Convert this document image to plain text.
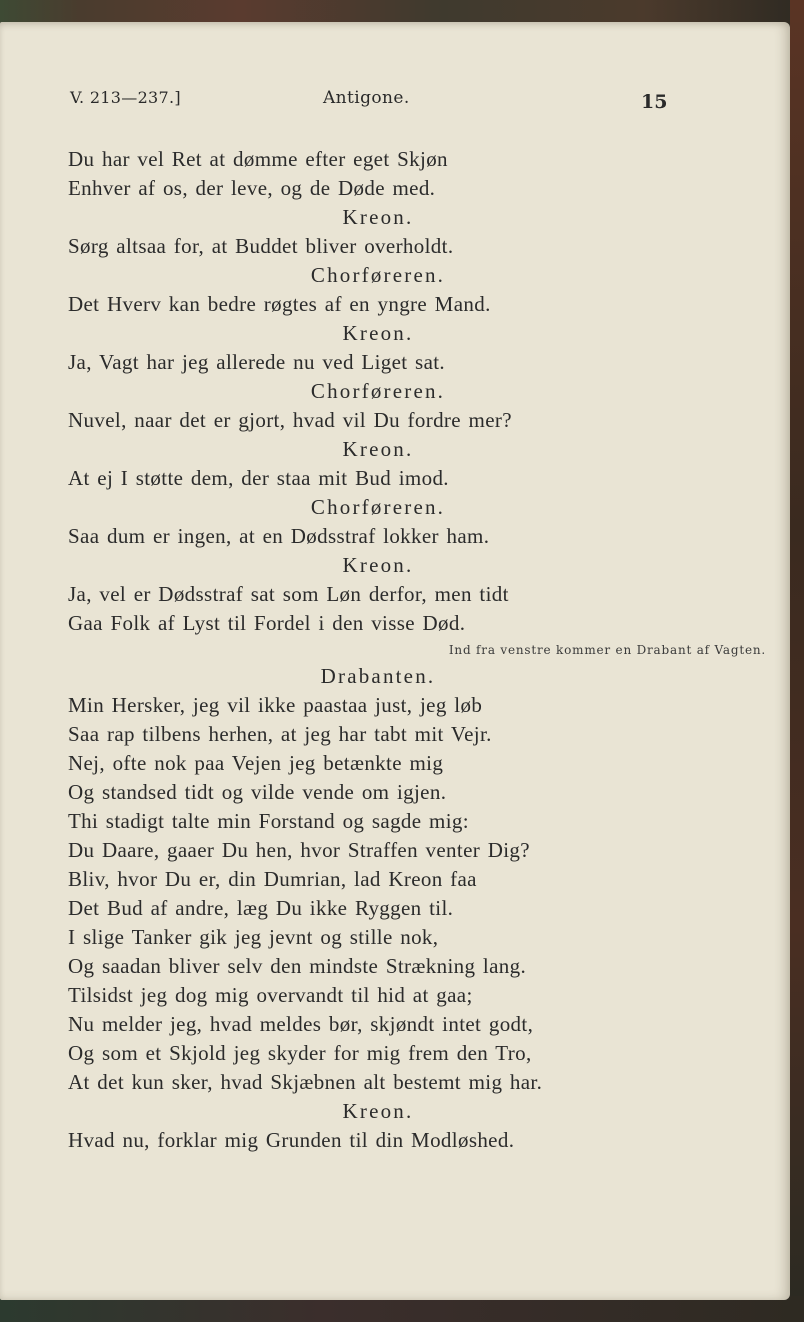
V. 213—237.]	Antigone.	15
Du har vel Ret at dømme efter eget Skjøn
Enhver af os, der leve, og de Døde med.
Kreon.
Sørg altsaa for, at Buddet bliver overholdt.
Chorføreren.
Det Hverv kan bedre røgtes af en yngre Mand.
Kreon.
Ja, Vagt har jeg allerede nu ved Liget sat.
Chorføreren.
Nuvel, naar det er gjort, hvad vil Du fordre mer?
Kreon.
At ej I støtte dem, der staa mit Bud imod.
Chorføreren.
Saa dum er ingen, at en Dødsstraf lokker ham.
Kreon.
Ja, vel er Dødsstraf sat som Løn derfor, men tidt
Gaa Folk af Lyst til Fordel i den visse Død.
Ind fra venstre kommer en Drabant af Vagten.
Drabanten.
Min Hersker, jeg vil ikke paastaa just, jeg løb
Saa rap tilbens herhen, at jeg har tabt mit Vejr.
Nej, ofte nok paa Vejen jeg betænkte mig
Og standsed tidt og vilde vende om igjen.
Thi stadigt talte min Forstand og sagde mig:
Du Daare, gaaer Du hen, hvor Straffen venter Dig?
Bliv, hvor Du er, din Dumrian, lad Kreon faa
Det Bud af andre, læg Du ikke Ryggen til.
I slige Tanker gik jeg jevnt og stille nok,
Og saadan bliver selv den mindste Strækning lang.
Tilsidst jeg dog mig overvandt til hid at gaa;
Nu melder jeg, hvad meldes bør, skjøndt intet godt,
Og som et Skjold jeg skyder for mig frem den Tro,
At det kun sker, hvad Skjæbnen alt bestemt mig har.
Kreon.
Hvad nu, forklar mig Grunden til din Modløshed.
